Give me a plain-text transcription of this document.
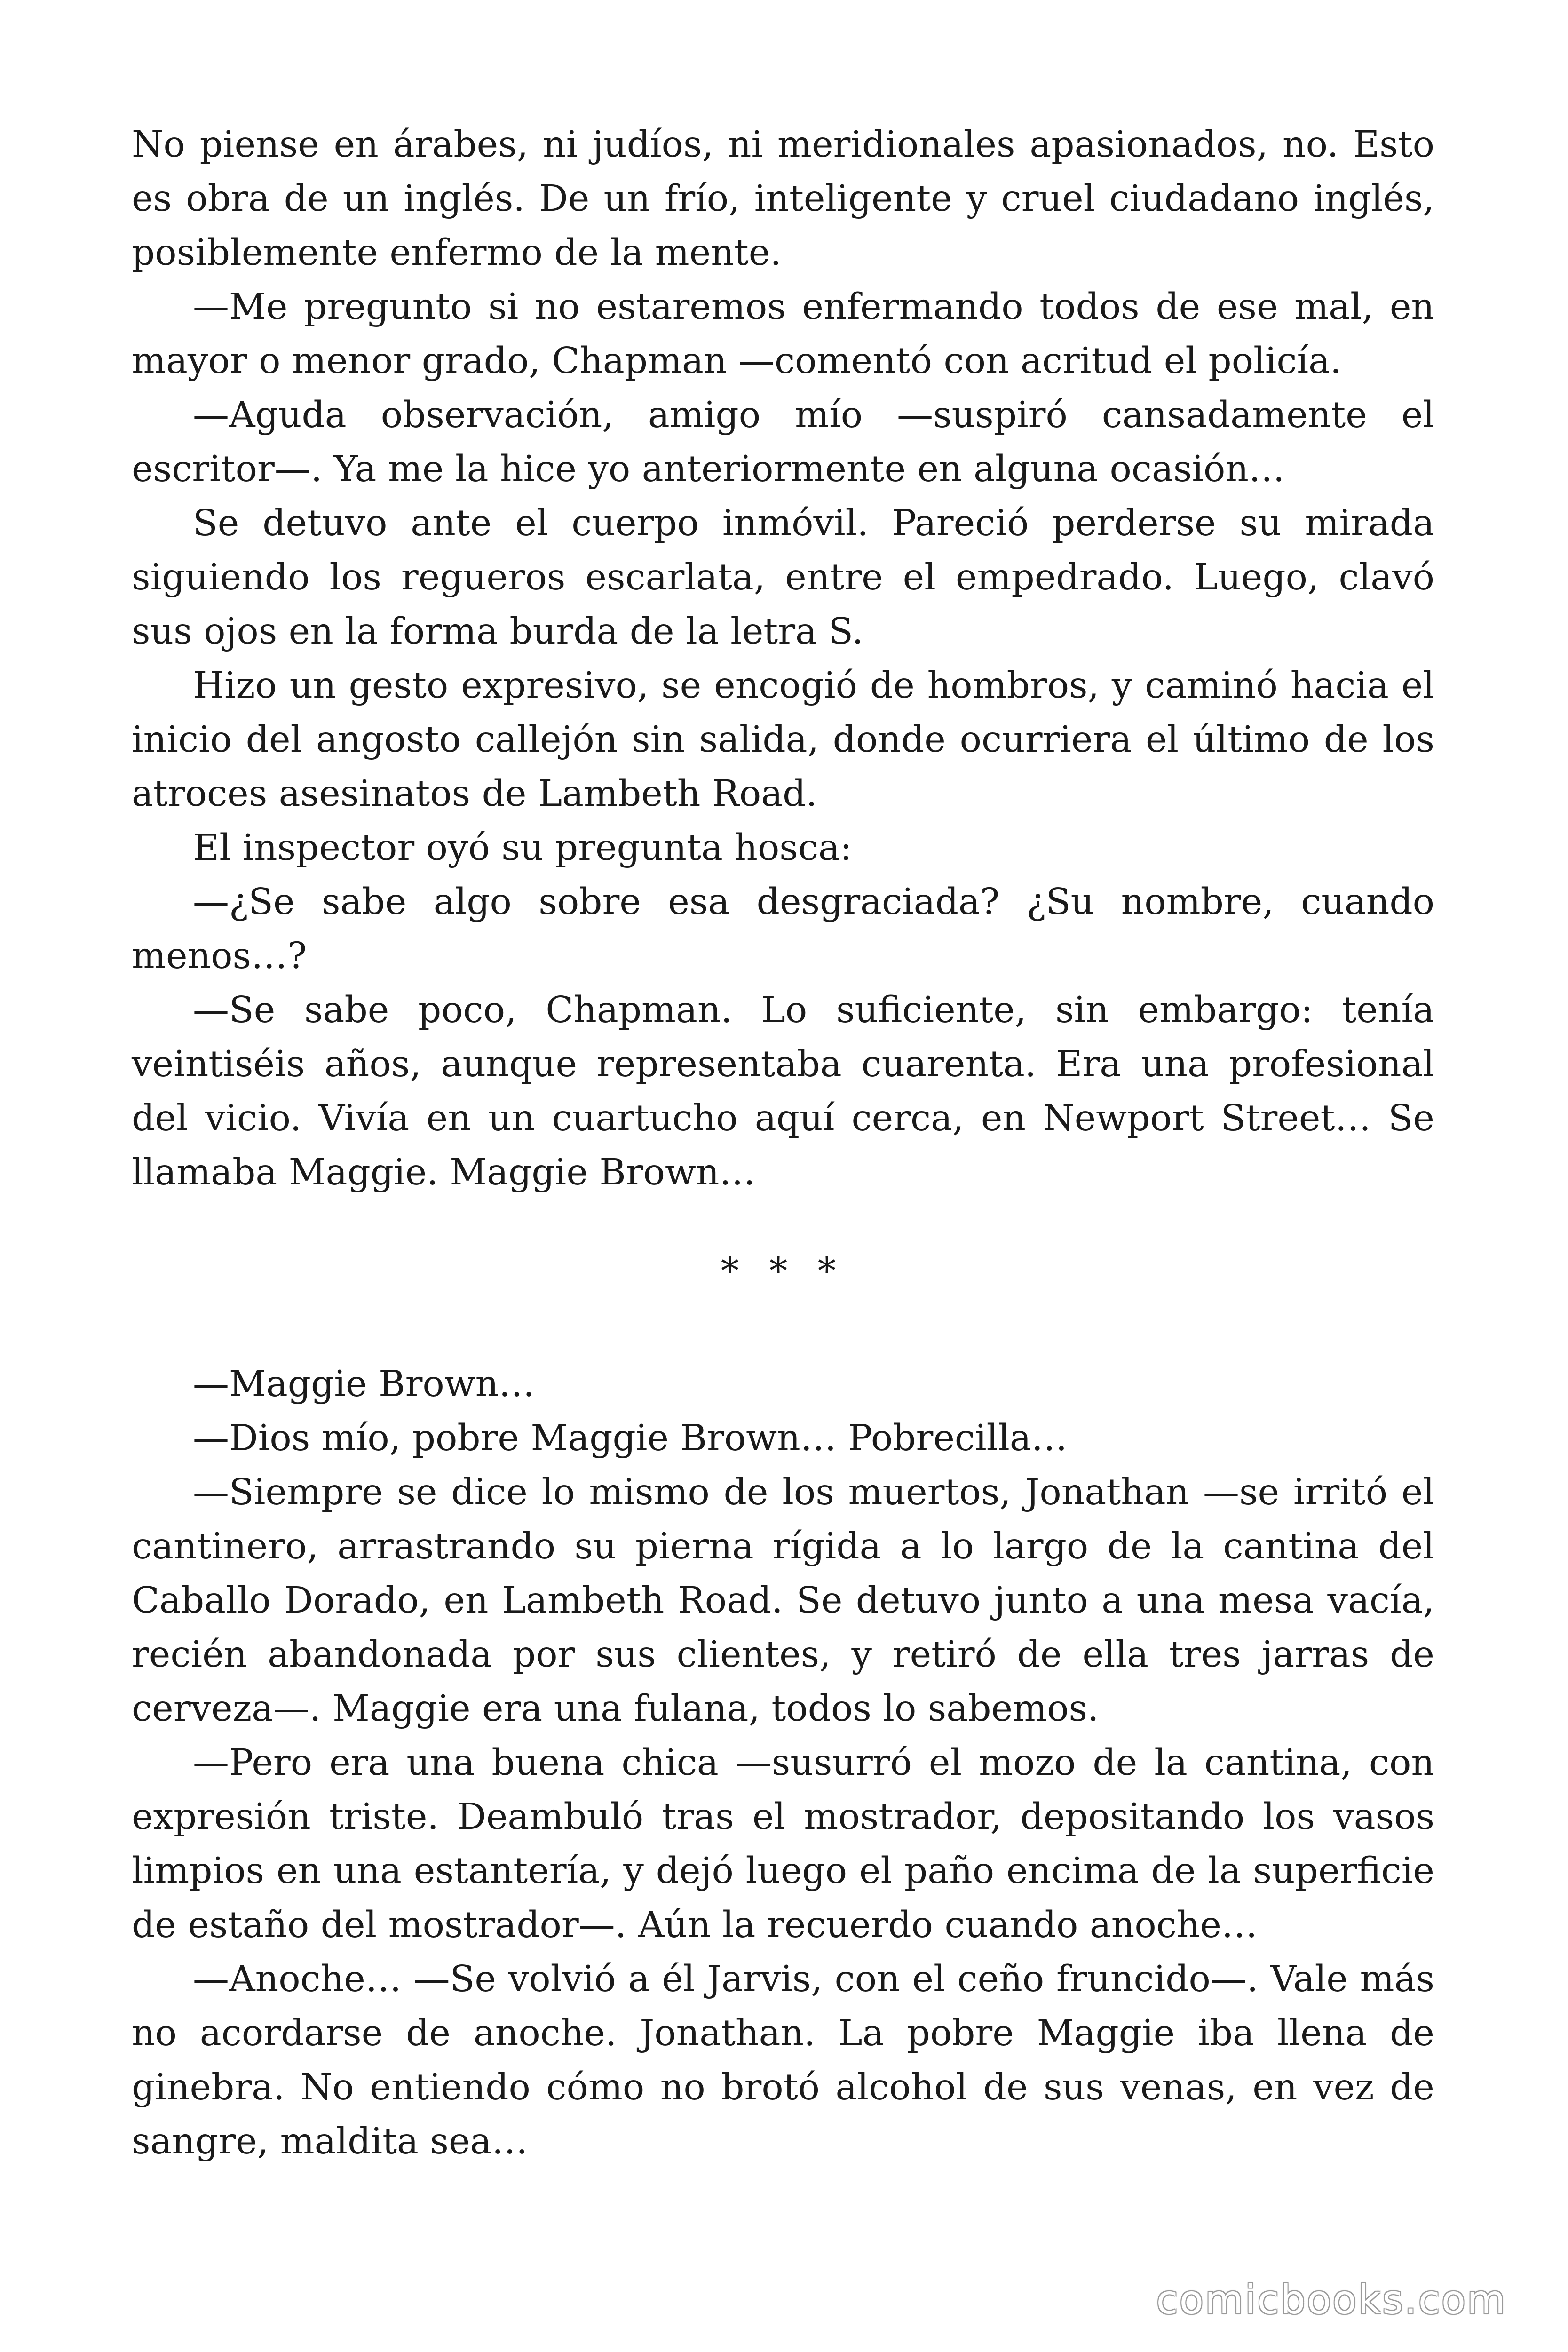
No piense en árabes, ni judíos, ni meridionales apasionados, no. Esto es obra de un inglés. De un frío, inteligente y cruel ciudadano inglés, posiblemente enfermo de la mente.

—Me pregunto si no estaremos enfermando todos de ese mal, en mayor o menor grado, Chapman —comentó con acritud el policía.

—Aguda observación, amigo mío —suspiró cansadamente el escritor—. Ya me la hice yo anteriormente en alguna ocasión…

Se detuvo ante el cuerpo inmóvil. Pareció perderse su mirada siguiendo los regueros escarlata, entre el empedrado. Luego, clavó sus ojos en la forma burda de la letra S.

Hizo un gesto expresivo, se encogió de hombros, y caminó hacia el inicio del angosto callejón sin salida, donde ocurriera el último de los atroces asesinatos de Lambeth Road.

El inspector oyó su pregunta hosca:

—¿Se sabe algo sobre esa desgraciada? ¿Su nombre, cuando menos…?

—Se sabe poco, Chapman. Lo suficiente, sin embargo: tenía veintiséis años, aunque representaba cuarenta. Era una profesional del vicio. Vivía en un cuartucho aquí cerca, en Newport Street… Se llamaba Maggie. Maggie Brown…

* * *

—Maggie Brown…

—Dios mío, pobre Maggie Brown… Pobrecilla…

—Siempre se dice lo mismo de los muertos, Jonathan —se irritó el cantinero, arrastrando su pierna rígida a lo largo de la cantina del Caballo Dorado, en Lambeth Road. Se detuvo junto a una mesa vacía, recién abandonada por sus clientes, y retiró de ella tres jarras de cerveza—. Maggie era una fulana, todos lo sabemos.

—Pero era una buena chica —susurró el mozo de la cantina, con expresión triste. Deambuló tras el mostrador, depositando los vasos limpios en una estantería, y dejó luego el paño encima de la superficie de estaño del mostrador—. Aún la recuerdo cuando anoche…

—Anoche… —Se volvió a él Jarvis, con el ceño fruncido—. Vale más no acordarse de anoche. Jonathan. La pobre Maggie iba llena de ginebra. No entiendo cómo no brotó alcohol de sus venas, en vez de sangre, maldita sea…

comicbooks.com
